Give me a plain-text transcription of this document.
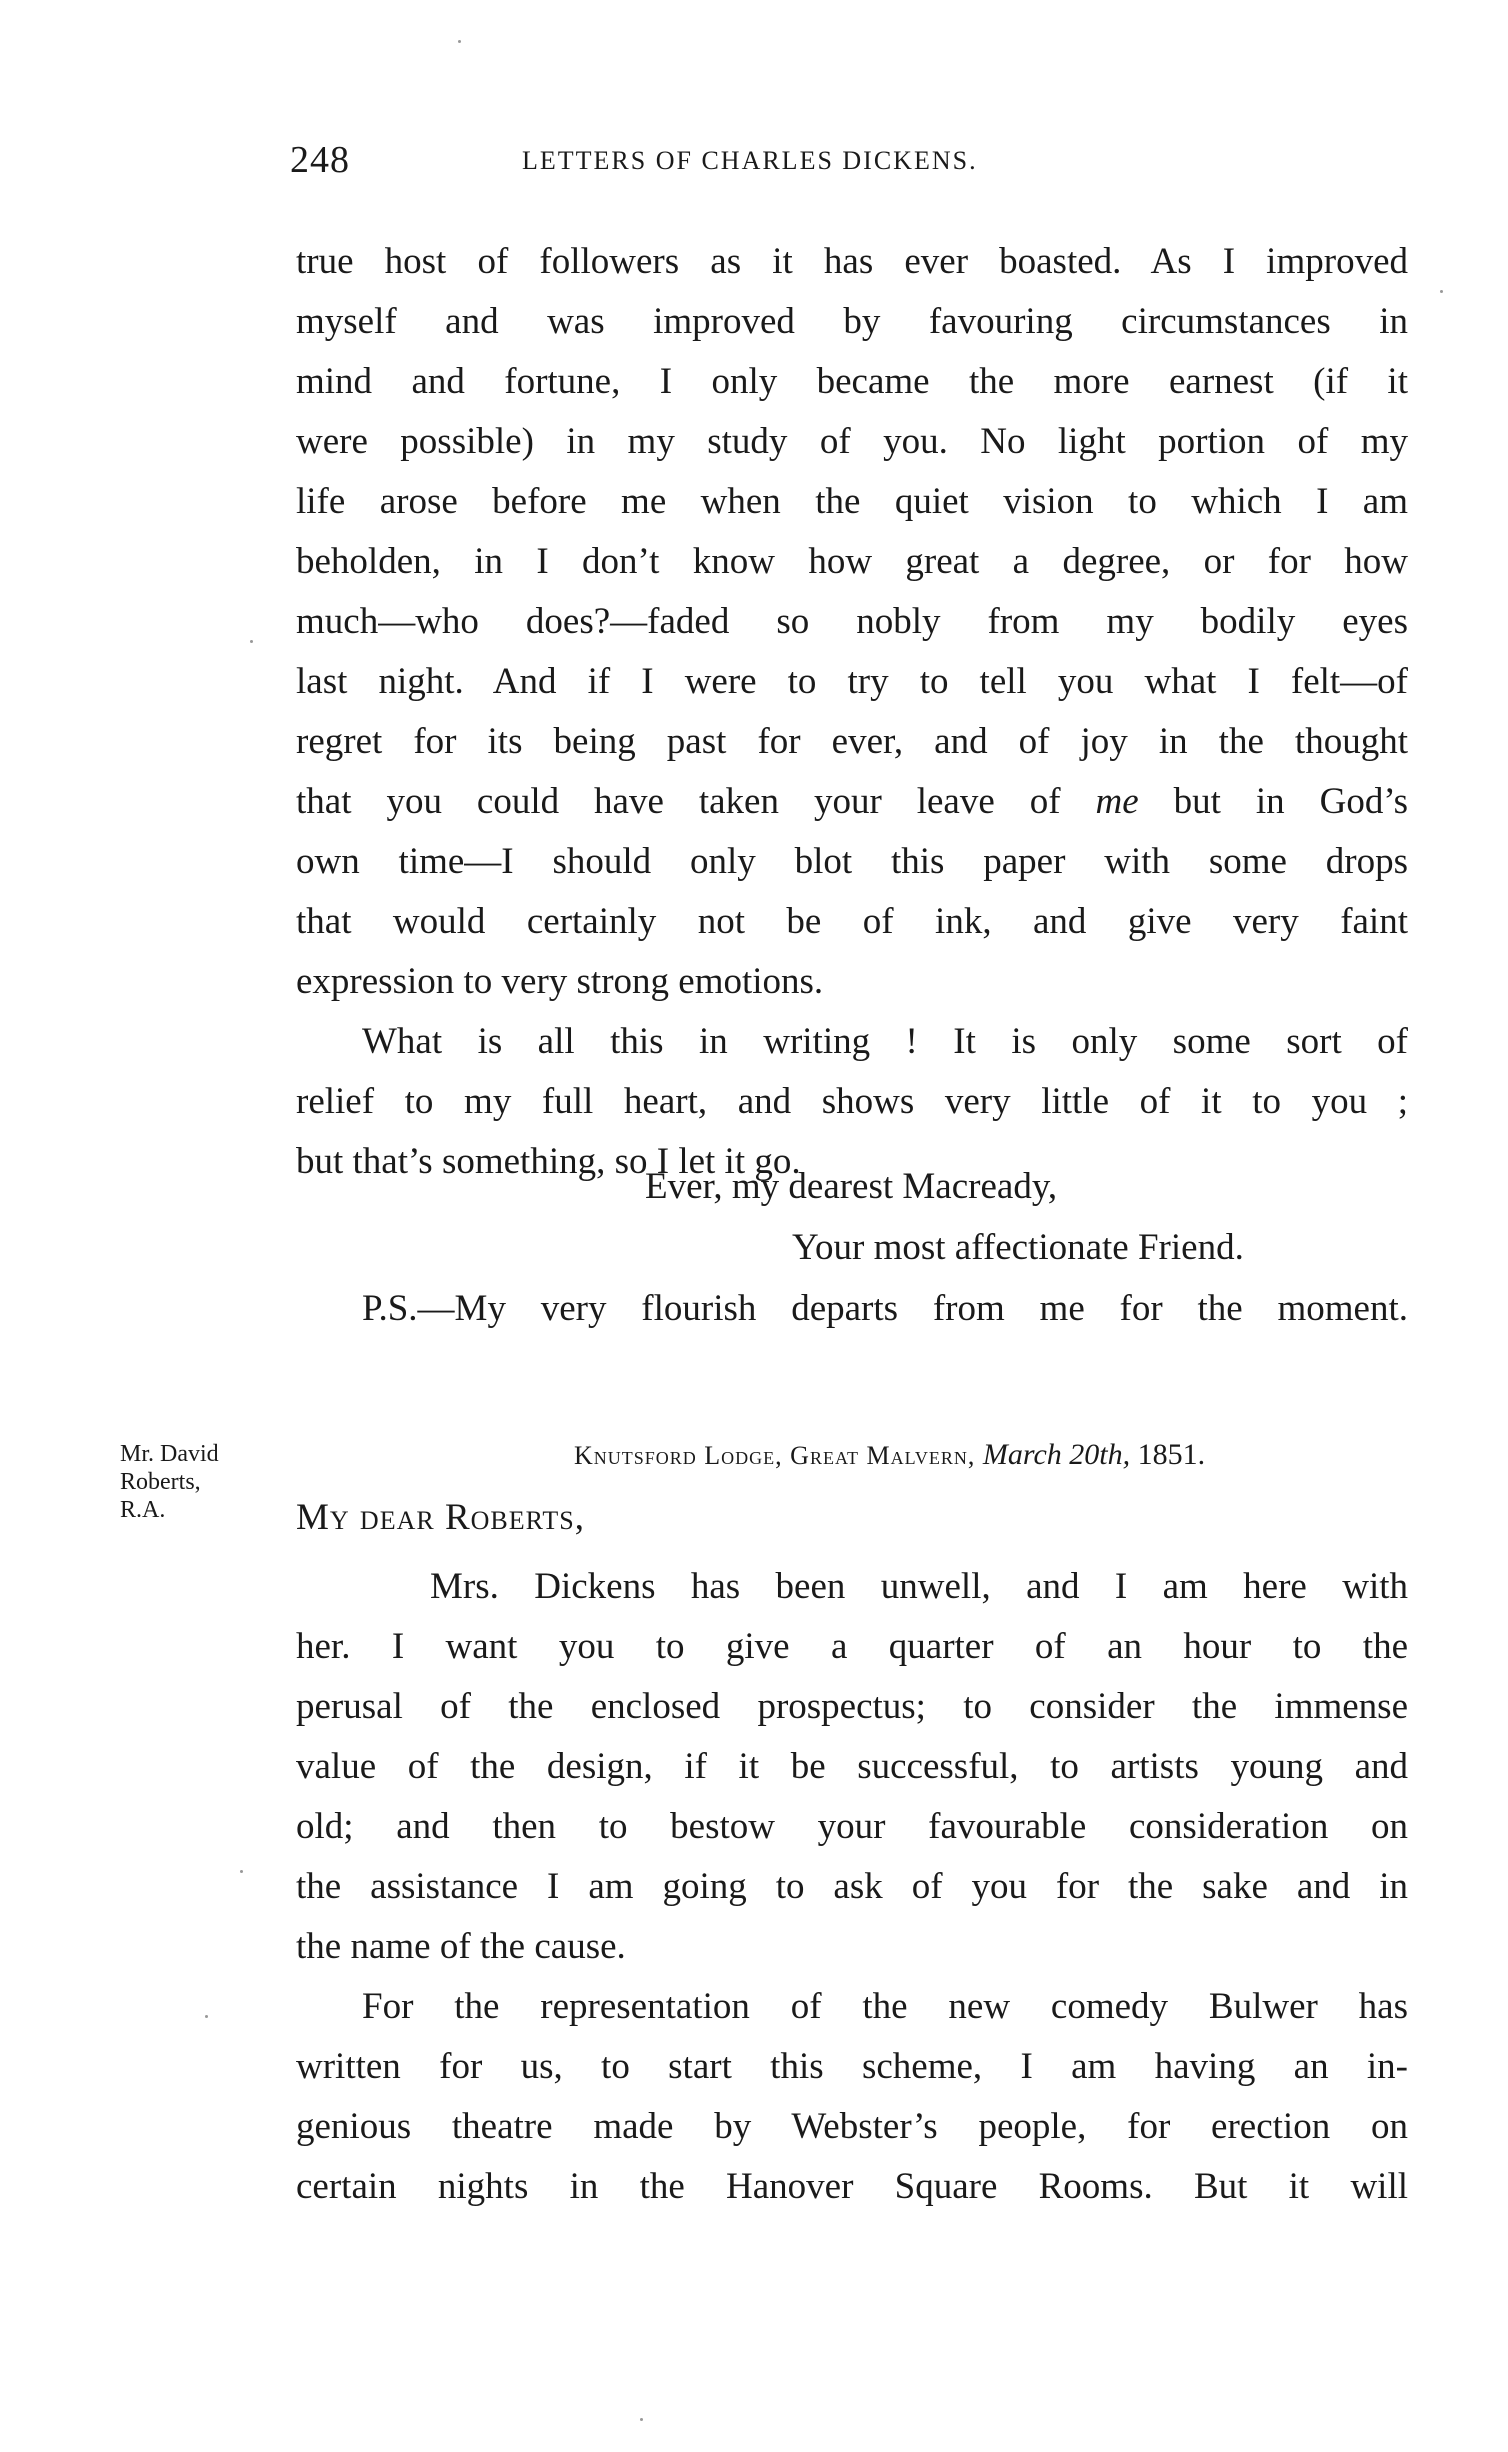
248	LETTERS OF CHARLES DICKENS.
true host of followers as it has ever boasted. As I improved
myself and was improved by favouring circumstances in
mind and fortune, I only became the more earnest (if it
were possible) in my study of you. No light portion of my
life arose before me when the quiet vision to which I am
beholden, in I don’t know how great a degree, or for how
much—who does?—faded so nobly from my bodily eyes
last night. And if I were to try to tell you what I felt—of
regret for its being past for ever, and of joy in the thought
that you could have taken your leave of me but in God’s
own time—I should only blot this paper with some drops
that would certainly not be of ink, and give very faint
expression to very strong emotions.
What is all this in writing ! It is only some sort of
relief to my full heart, and shows very little of it to you ;
but that’s something, so I let it go.
Ever, my dearest Macready,
Your most affectionate Friend.
P.S.—My very flourish departs from me for the moment.
Mr. David
Roberts,
R.A.
Knutsford Lodge, Great Malvern, March 20th, 1851.
My dear Roberts,
Mrs. Dickens has been unwell, and I am here with
her. I want you to give a quarter of an hour to the
perusal of the enclosed prospectus; to consider the immense
value of the design, if it be successful, to artists young and
old; and then to bestow your favourable consideration on
the assistance I am going to ask of you for the sake and in
the name of the cause.
For the representation of the new comedy Bulwer has
written for us, to start this scheme, I am having an in-
genious theatre made by Webster’s people, for erection on
certain nights in the Hanover Square Rooms. But it will
